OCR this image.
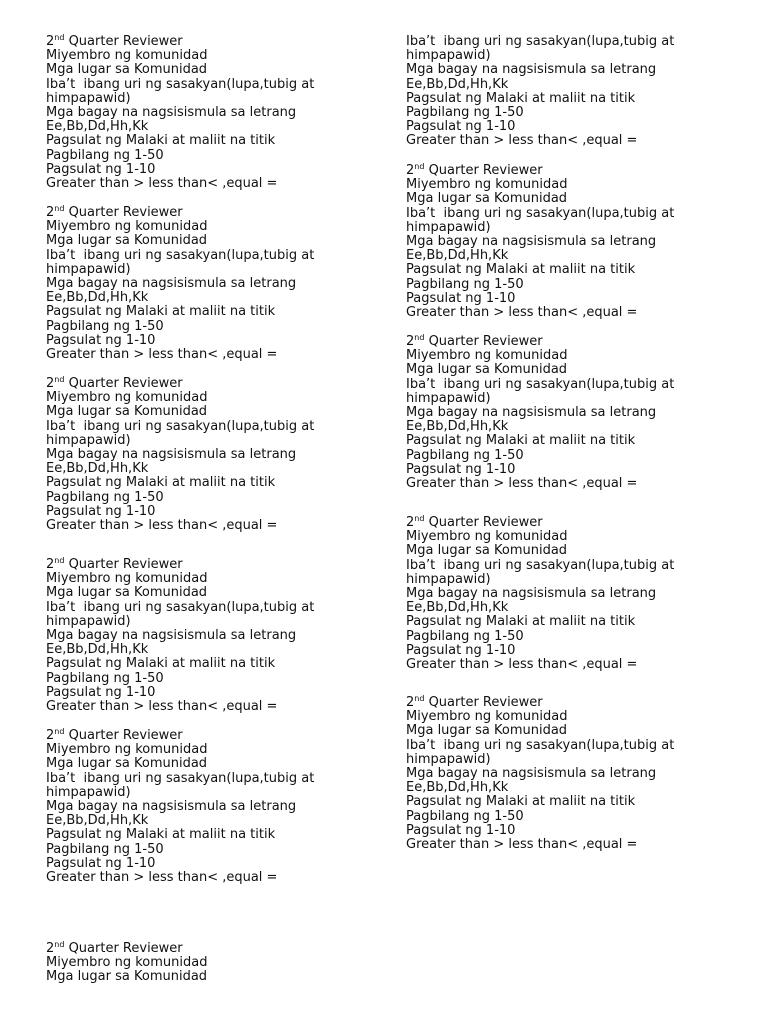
Iba’t  ibang uri ng sasakyan(lupa,tubig at
himpapawid)
Mga bagay na nagsisismula sa letrang
Ee,Bb,Dd,Hh,Kk
Pagsulat ng Malaki at maliit na titik
Pagbilang ng 1-50
Pagsulat ng 1-10
Greater than > less than< ,equal =
2nd Quarter Reviewer
Miyembro ng komunidad
Mga lugar sa Komunidad
Iba’t  ibang uri ng sasakyan(lupa,tubig at
himpapawid)
Mga bagay na nagsisismula sa letrang
Ee,Bb,Dd,Hh,Kk
Pagsulat ng Malaki at maliit na titik
Pagbilang ng 1-50
Pagsulat ng 1-10
Greater than > less than< ,equal =
2nd Quarter Reviewer
Miyembro ng komunidad
Mga lugar sa Komunidad
Iba’t  ibang uri ng sasakyan(lupa,tubig at
himpapawid)
Mga bagay na nagsisismula sa letrang
Ee,Bb,Dd,Hh,Kk
Pagsulat ng Malaki at maliit na titik
Pagbilang ng 1-50
Pagsulat ng 1-10
Greater than > less than< ,equal =
2nd Quarter Reviewer
Miyembro ng komunidad
Mga lugar sa Komunidad
Iba’t  ibang uri ng sasakyan(lupa,tubig at
himpapawid)
Mga bagay na nagsisismula sa letrang
Ee,Bb,Dd,Hh,Kk
Pagsulat ng Malaki at maliit na titik
Pagbilang ng 1-50
Pagsulat ng 1-10
Greater than > less than< ,equal =
2nd Quarter Reviewer
Miyembro ng komunidad
Mga lugar sa Komunidad
Iba’t  ibang uri ng sasakyan(lupa,tubig at
himpapawid)
Mga bagay na nagsisismula sa letrang
Ee,Bb,Dd,Hh,Kk
Pagsulat ng Malaki at maliit na titik
Pagbilang ng 1-50
Pagsulat ng 1-10
Greater than > less than< ,equal =
2nd Quarter Reviewer
Miyembro ng komunidad
Mga lugar sa Komunidad
Iba’t  ibang uri ng sasakyan(lupa,tubig at
himpapawid)
Mga bagay na nagsisismula sa letrang
Ee,Bb,Dd,Hh,Kk
Pagsulat ng Malaki at maliit na titik
Pagbilang ng 1-50
Pagsulat ng 1-10
Greater than > less than< ,equal =
2nd Quarter Reviewer
Miyembro ng komunidad
Mga lugar sa Komunidad
2nd Quarter Reviewer
Miyembro ng komunidad
Mga lugar sa Komunidad
Iba’t  ibang uri ng sasakyan(lupa,tubig at
himpapawid)
Mga bagay na nagsisismula sa letrang
Ee,Bb,Dd,Hh,Kk
Pagsulat ng Malaki at maliit na titik
Pagbilang ng 1-50
Pagsulat ng 1-10
Greater than > less than< ,equal =
2nd Quarter Reviewer
Miyembro ng komunidad
Mga lugar sa Komunidad
Iba’t  ibang uri ng sasakyan(lupa,tubig at
himpapawid)
Mga bagay na nagsisismula sa letrang
Ee,Bb,Dd,Hh,Kk
Pagsulat ng Malaki at maliit na titik
Pagbilang ng 1-50
Pagsulat ng 1-10
Greater than > less than< ,equal =
2nd Quarter Reviewer
Miyembro ng komunidad
Mga lugar sa Komunidad
Iba’t  ibang uri ng sasakyan(lupa,tubig at
himpapawid)
Mga bagay na nagsisismula sa letrang
Ee,Bb,Dd,Hh,Kk
Pagsulat ng Malaki at maliit na titik
Pagbilang ng 1-50
Pagsulat ng 1-10
Greater than > less than< ,equal =
2nd Quarter Reviewer
Miyembro ng komunidad
Mga lugar sa Komunidad
Iba’t  ibang uri ng sasakyan(lupa,tubig at
himpapawid)
Mga bagay na nagsisismula sa letrang
Ee,Bb,Dd,Hh,Kk
Pagsulat ng Malaki at maliit na titik
Pagbilang ng 1-50
Pagsulat ng 1-10
Greater than > less than< ,equal =
